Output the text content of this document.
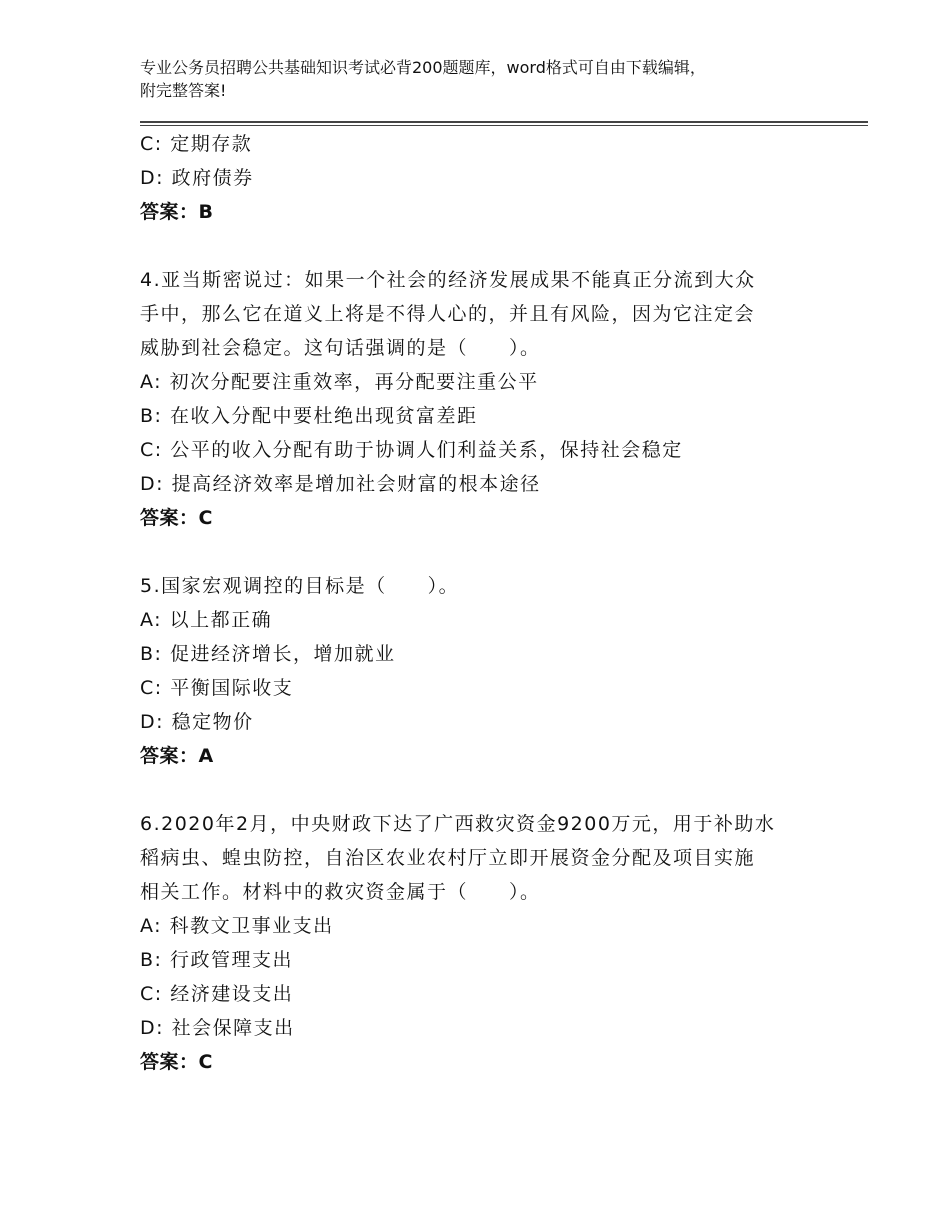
专业公务员招聘公共基础知识考试必背200题题库，word格式可自由下载编辑，
附完整答案!
C: 定期存款
D: 政府债券
答案：B
4.亚当斯密说过：如果一个社会的经济发展成果不能真正分流到大众
手中，那么它在道义上将是不得人心的，并且有风险，因为它注定会
威胁到社会稳定。这句话强调的是（　　）。
A: 初次分配要注重效率，再分配要注重公平
B: 在收入分配中要杜绝出现贫富差距
C: 公平的收入分配有助于协调人们利益关系，保持社会稳定
D: 提高经济效率是增加社会财富的根本途径
答案：C
5.国家宏观调控的目标是（　　）。
A: 以上都正确
B: 促进经济增长，增加就业
C: 平衡国际收支
D: 稳定物价
答案：A
6.2020年2月，中央财政下达了广西救灾资金9200万元，用于补助水
稻病虫、蝗虫防控，自治区农业农村厅立即开展资金分配及项目实施
相关工作。材料中的救灾资金属于（　　）。
A: 科教文卫事业支出
B: 行政管理支出
C: 经济建设支出
D: 社会保障支出
答案：C
